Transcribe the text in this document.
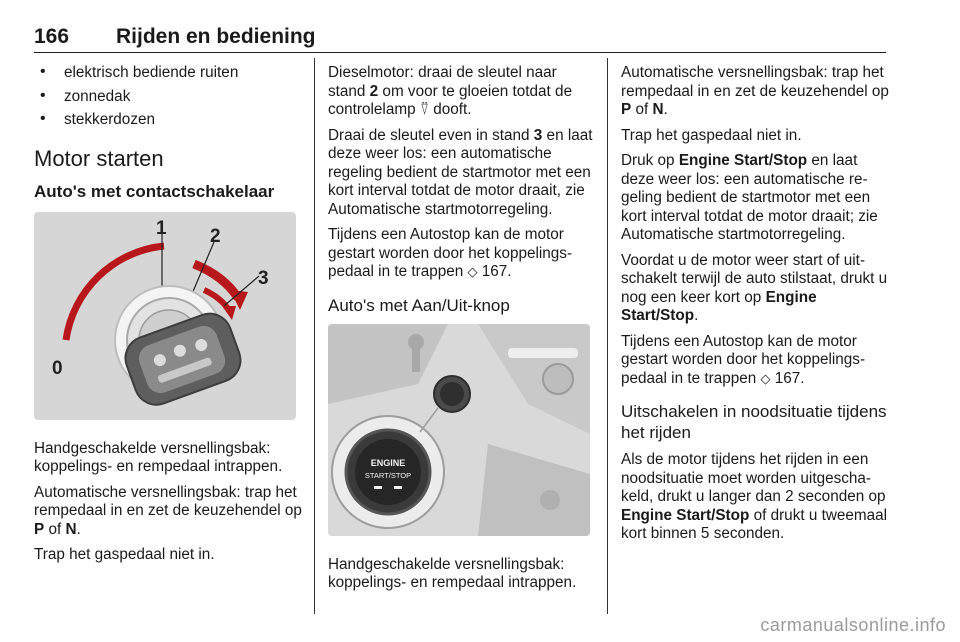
166 Rijden en bediening
• elektrisch bediende ruiten
• zonnedak
• stekkerdozen
Motor starten
Auto's met contactschakelaar
1 2
3
0

Handgeschakelde versnellingsbak: koppelings- en rempedaal intrappen.

Automatische versnellingsbak: trap het rempedaal in en zet de keuzehendel op P of N.

Trap het gaspedaal niet in.

Dieselmotor: draai de sleutel naar stand 2 om voor te gloeien totdat de controlelamp ⍢ dooft.

Draai de sleutel even in stand 3 en laat deze weer los: een automatische regeling bedient de startmotor met een kort interval totdat de motor draait, zie Automatische startmotorregeling.

Tijdens een Autostop kan de motor gestart worden door het koppelingspedaal in te trappen ◇ 167.

Auto's met Aan/Uit-knop
ENGINE
START/STOP

Handgeschakelde versnellingsbak: koppelings- en rempedaal intrappen.

Automatische versnellingsbak: trap het rempedaal in en zet de keuzehendel op P of N.

Trap het gaspedaal niet in.

Druk op Engine Start/Stop en laat deze weer los: een automatische regeling bedient de startmotor met een kort interval totdat de motor draait; zie Automatische startmotorregeling.

Voordat u de motor weer start of uitschakelt terwijl de auto stilstaat, drukt u nog een keer kort op Engine Start/Stop.

Tijdens een Autostop kan de motor gestart worden door het koppelingspedaal in te trappen ◇ 167.

Uitschakelen in noodsituatie tijdens het rijden

Als de motor tijdens het rijden in een noodsituatie moet worden uitgeschakeld, drukt u langer dan 2 seconden op Engine Start/Stop of drukt u tweemaal kort binnen 5 seconden.

carmanualsonline.info
